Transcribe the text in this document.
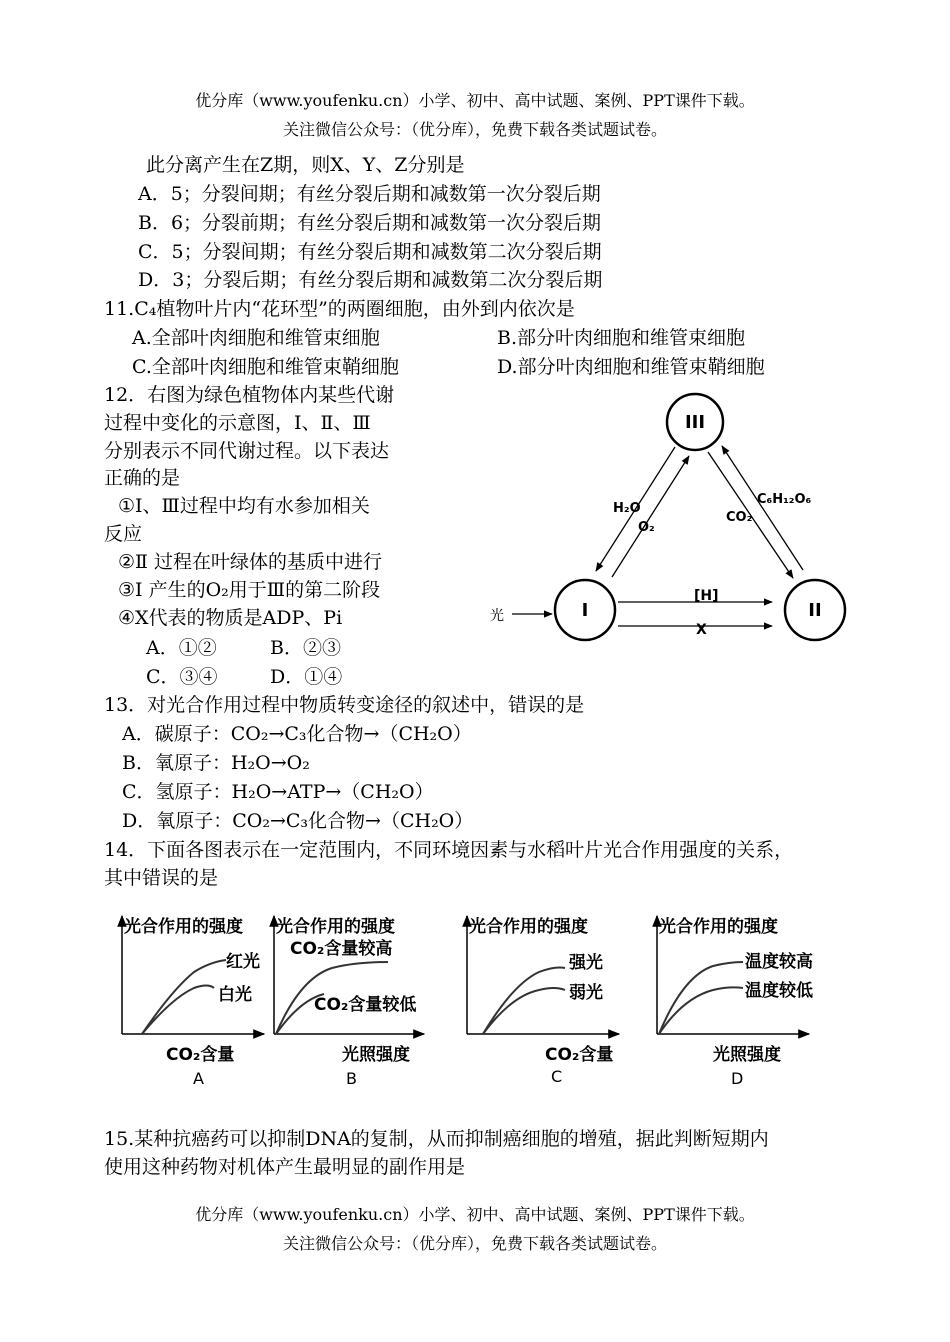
优分库（www.youfenku.cn）小学、初中、高中试题、案例、PPT课件下载。
关注微信公众号：（优分库），免费下载各类试题试卷。
此分离产生在Z期，则X、Y、Z分别是
A．5；分裂间期；有丝分裂后期和减数第一次分裂后期
B．6；分裂前期；有丝分裂后期和减数第一次分裂后期
C．5；分裂间期；有丝分裂后期和减数第二次分裂后期
D．3；分裂后期；有丝分裂后期和减数第二次分裂后期
11.C₄植物叶片内“花环型”的两圈细胞，由外到内依次是
A.全部叶肉细胞和维管束细胞	B.部分叶肉细胞和维管束细胞
C.全部叶肉细胞和维管束鞘细胞	D.部分叶肉细胞和维管束鞘细胞
12．右图为绿色植物体内某些代谢
过程中变化的示意图，Ⅰ、Ⅱ、Ⅲ
分别表示不同代谢过程。以下表达
正确的是
①Ⅰ、Ⅲ过程中均有水参加相关
反应
②Ⅱ 过程在叶绿体的基质中进行
③Ⅰ 产生的O₂用于Ⅲ的第二阶段
④X代表的物质是ADP、Pi
A．①②	B．②③
C．③④	D．①④
III
I	II
光
H₂O
O₂
CO₂
C₆H₁₂O₆
[H]
X
13．对光合作用过程中物质转变途径的叙述中，错误的是
A．碳原子：CO₂→C₃化合物→（CH₂O）
B．氧原子：H₂O→O₂
C．氢原子：H₂O→ATP→（CH₂O）
D．氧原子：CO₂→C₃化合物→（CH₂O）
14．下面各图表示在一定范围内，不同环境因素与水稻叶片光合作用强度的关系，
其中错误的是
光合作用的强度
红光
白光
CO₂含量
A
光合作用的强度
CO₂含量较高
CO₂含量较低
光照强度
B
光合作用的强度
强光
弱光
CO₂含量
C
光合作用的强度
温度较高
温度较低
光照强度
D
15.某种抗癌药可以抑制DNA的复制，从而抑制癌细胞的增殖，据此判断短期内
使用这种药物对机体产生最明显的副作用是
优分库（www.youfenku.cn）小学、初中、高中试题、案例、PPT课件下载。
关注微信公众号：（优分库），免费下载各类试题试卷。
